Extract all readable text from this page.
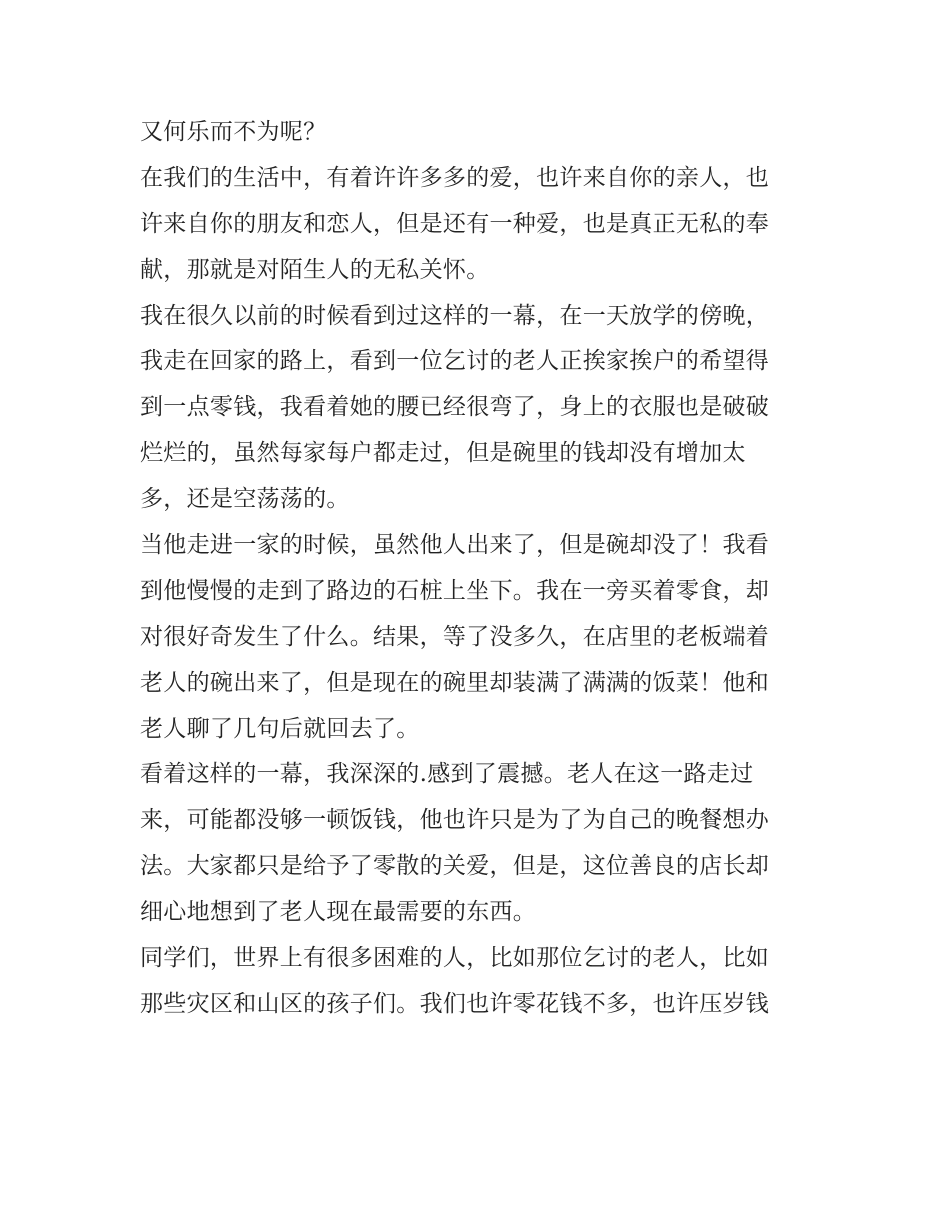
又何乐而不为呢？
在我们的生活中，有着许许多多的爱，也许来自你的亲人，也
许来自你的朋友和恋人，但是还有一种爱，也是真正无私的奉
献，那就是对陌生人的无私关怀。
我在很久以前的时候看到过这样的一幕，在一天放学的傍晚，
我走在回家的路上，看到一位乞讨的老人正挨家挨户的希望得
到一点零钱，我看着她的腰已经很弯了，身上的衣服也是破破
烂烂的，虽然每家每户都走过，但是碗里的钱却没有增加太
多，还是空荡荡的。
当他走进一家的时候，虽然他人出来了，但是碗却没了！我看
到他慢慢的走到了路边的石桩上坐下。我在一旁买着零食，却
对很好奇发生了什么。结果，等了没多久，在店里的老板端着
老人的碗出来了，但是现在的碗里却装满了满满的饭菜！他和
老人聊了几句后就回去了。
看着这样的一幕，我深深的.感到了震撼。老人在这一路走过
来，可能都没够一顿饭钱，他也许只是为了为自己的晚餐想办
法。大家都只是给予了零散的关爱，但是，这位善良的店长却
细心地想到了老人现在最需要的东西。
同学们，世界上有很多困难的人，比如那位乞讨的老人，比如
那些灾区和山区的孩子们。我们也许零花钱不多，也许压岁钱
